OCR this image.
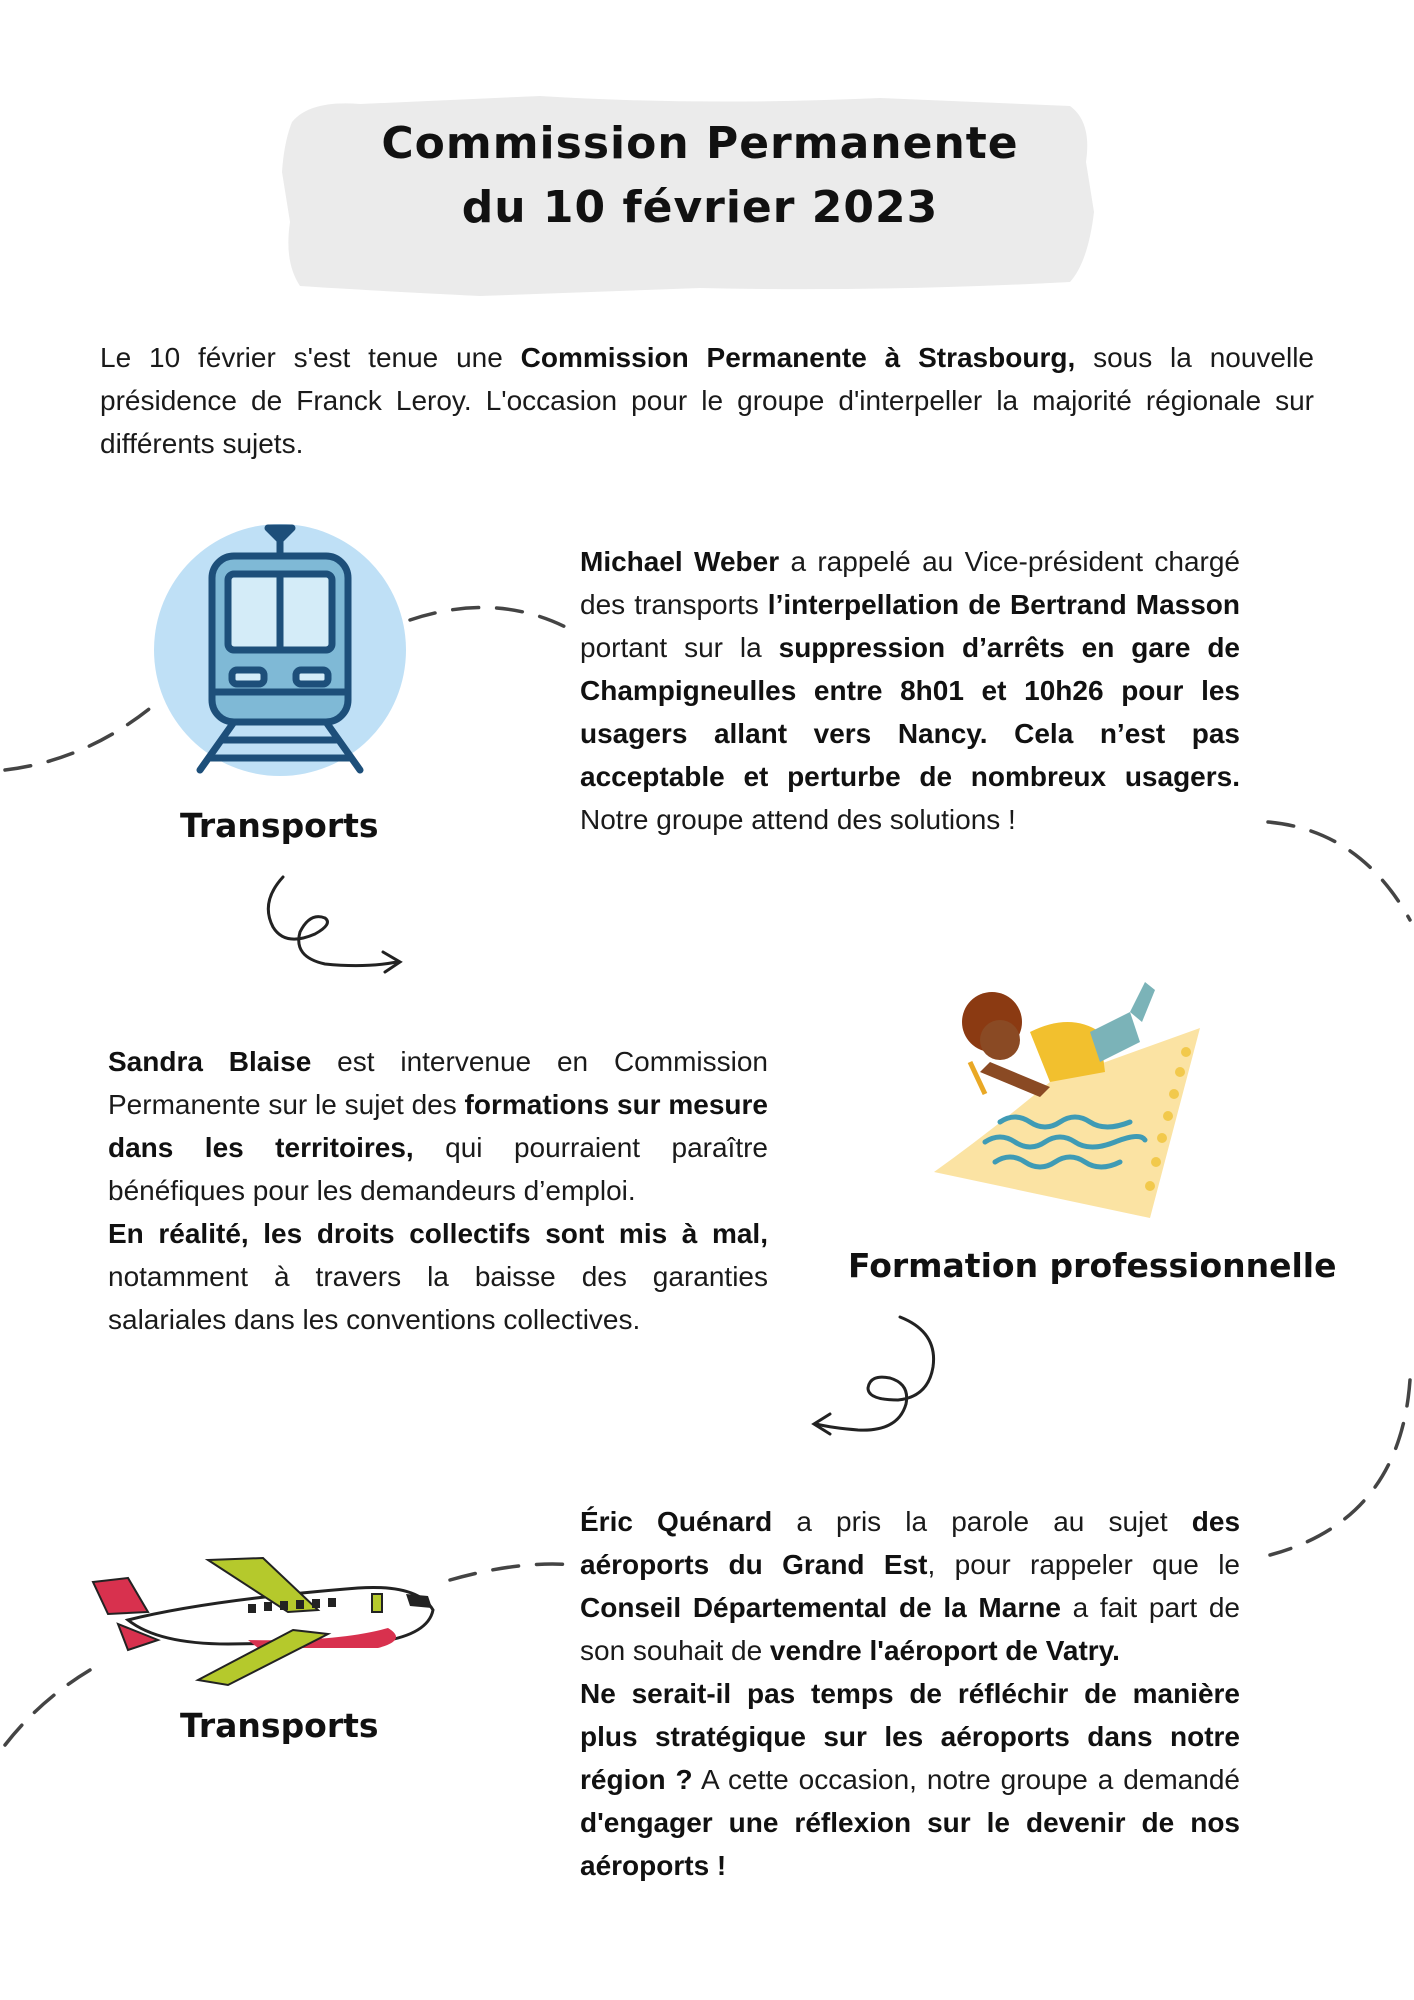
Commission Permanente
du 10 février 2023
Le 10 février s'est tenue une Commission Permanente à Strasbourg, sous la nouvelle présidence de Franck Leroy. L'occasion pour le groupe d'interpeller la majorité régionale sur différents sujets.
Transports
Michael Weber a rappelé au Vice-président chargé des transports l’interpellation de Bertrand Masson portant sur la suppression d’arrêts en gare de Champigneulles entre 8h01 et 10h26 pour les usagers allant vers Nancy. Cela n’est pas acceptable et perturbe de nombreux usagers. Notre groupe attend des solutions !
Formation professionnelle
Sandra Blaise est intervenue en Commission Permanente sur le sujet des formations sur mesure dans les territoires, qui pourraient paraître bénéfiques pour les demandeurs d’emploi.
En réalité, les droits collectifs sont mis à mal, notamment à travers la baisse des garanties salariales dans les conventions collectives.
Transports
Éric Quénard a pris la parole au sujet des aéroports du Grand Est, pour rappeler que le Conseil Départemental de la Marne a fait part de son souhait de vendre l'aéroport de Vatry.
Ne serait-il pas temps de réfléchir de manière plus stratégique sur les aéroports dans notre région ? A cette occasion, notre groupe a demandé d'engager une réflexion sur le devenir de nos aéroports !
